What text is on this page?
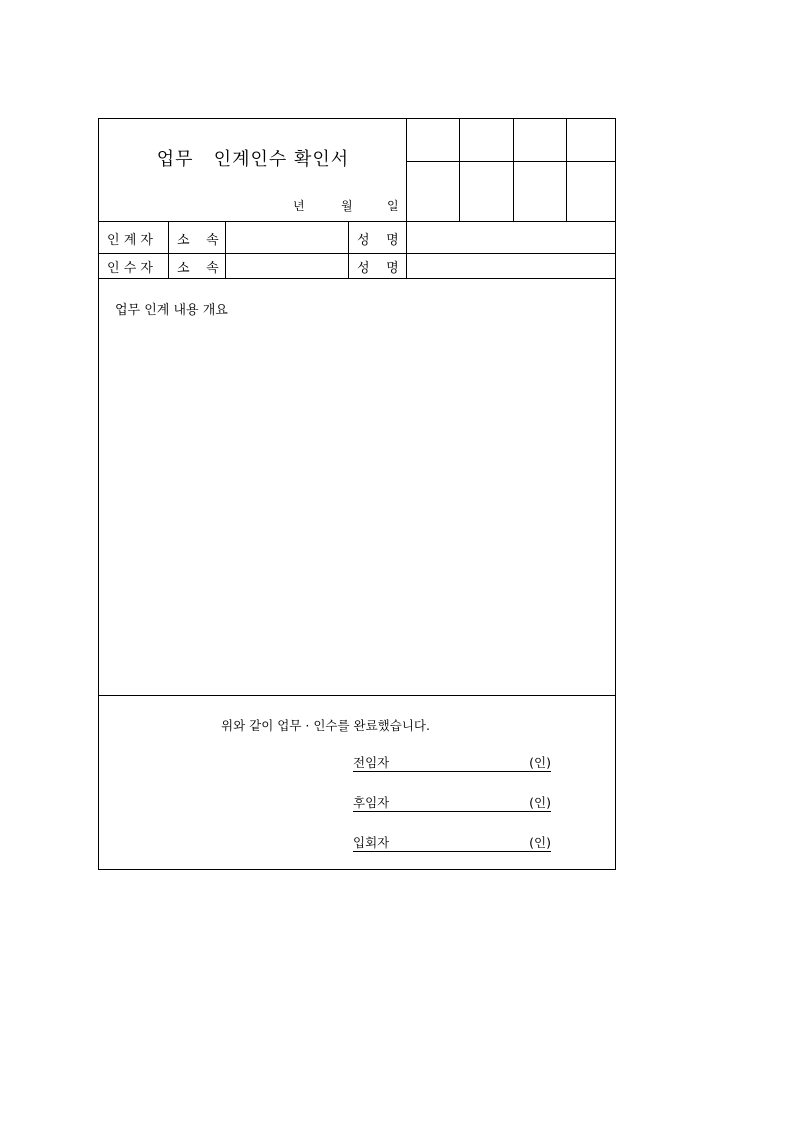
업무   인계인수 확인서
년	월	일
인 계 자 소    속	성    명
인 수 자 소    속	성    명
업무 인계 내용 개요
위와 같이 업무 · 인수를 완료했습니다.
전임자	(인)
후임자	(인)
입회자	(인)
